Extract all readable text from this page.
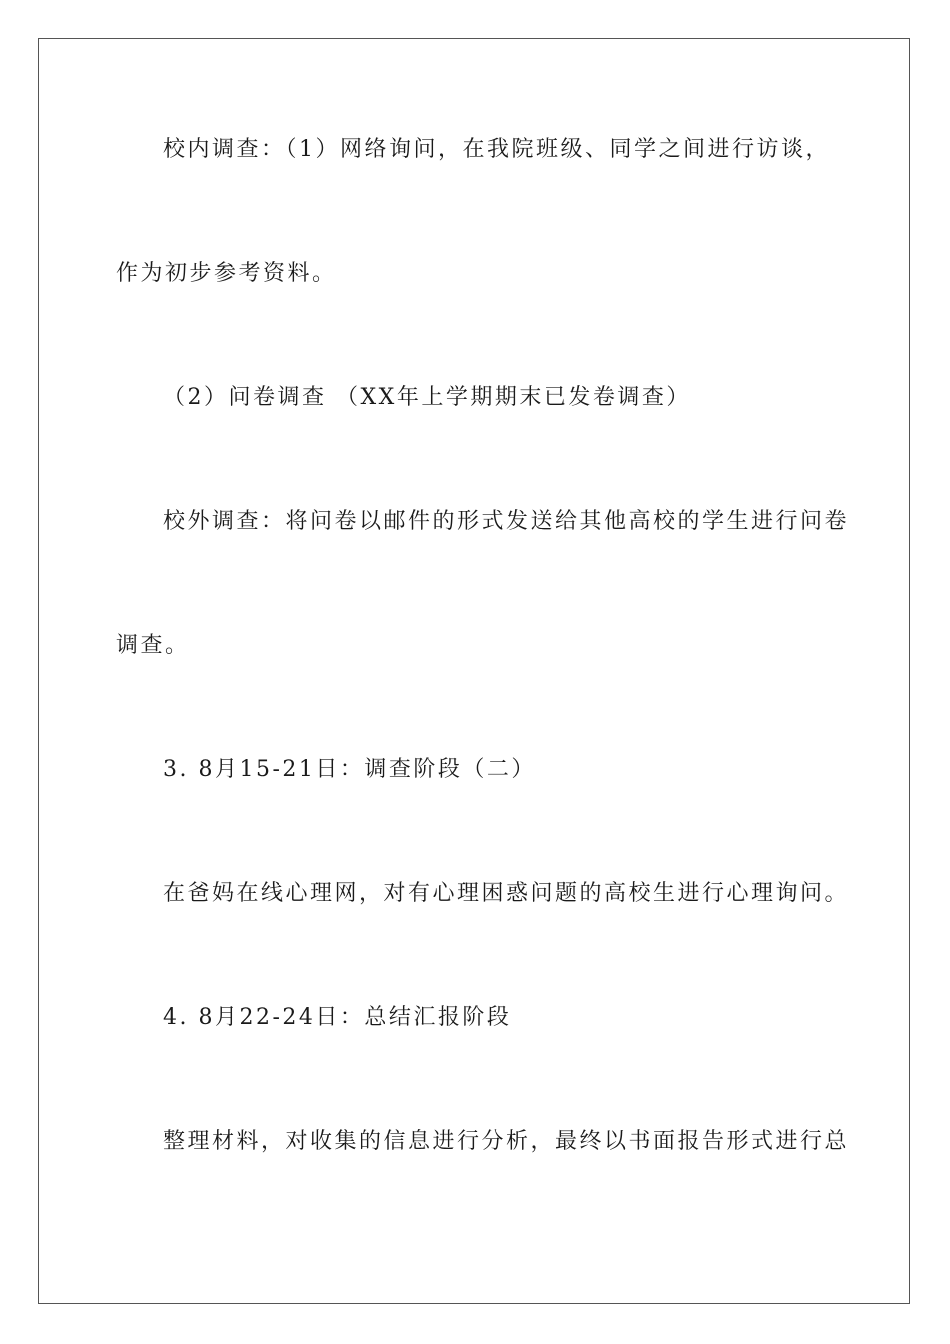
校内调查：（1）网络询问，在我院班级、同学之间进行访谈，
作为初步参考资料。
（2）问卷调查 （XX年上学期期末已发卷调查）
校外调查：将问卷以邮件的形式发送给其他高校的学生进行问卷
调查。
3. 8月15-21日：调查阶段（二）
在爸妈在线心理网，对有心理困惑问题的高校生进行心理询问。
4. 8月22-24日：总结汇报阶段
整理材料，对收集的信息进行分析，最终以书面报告形式进行总
